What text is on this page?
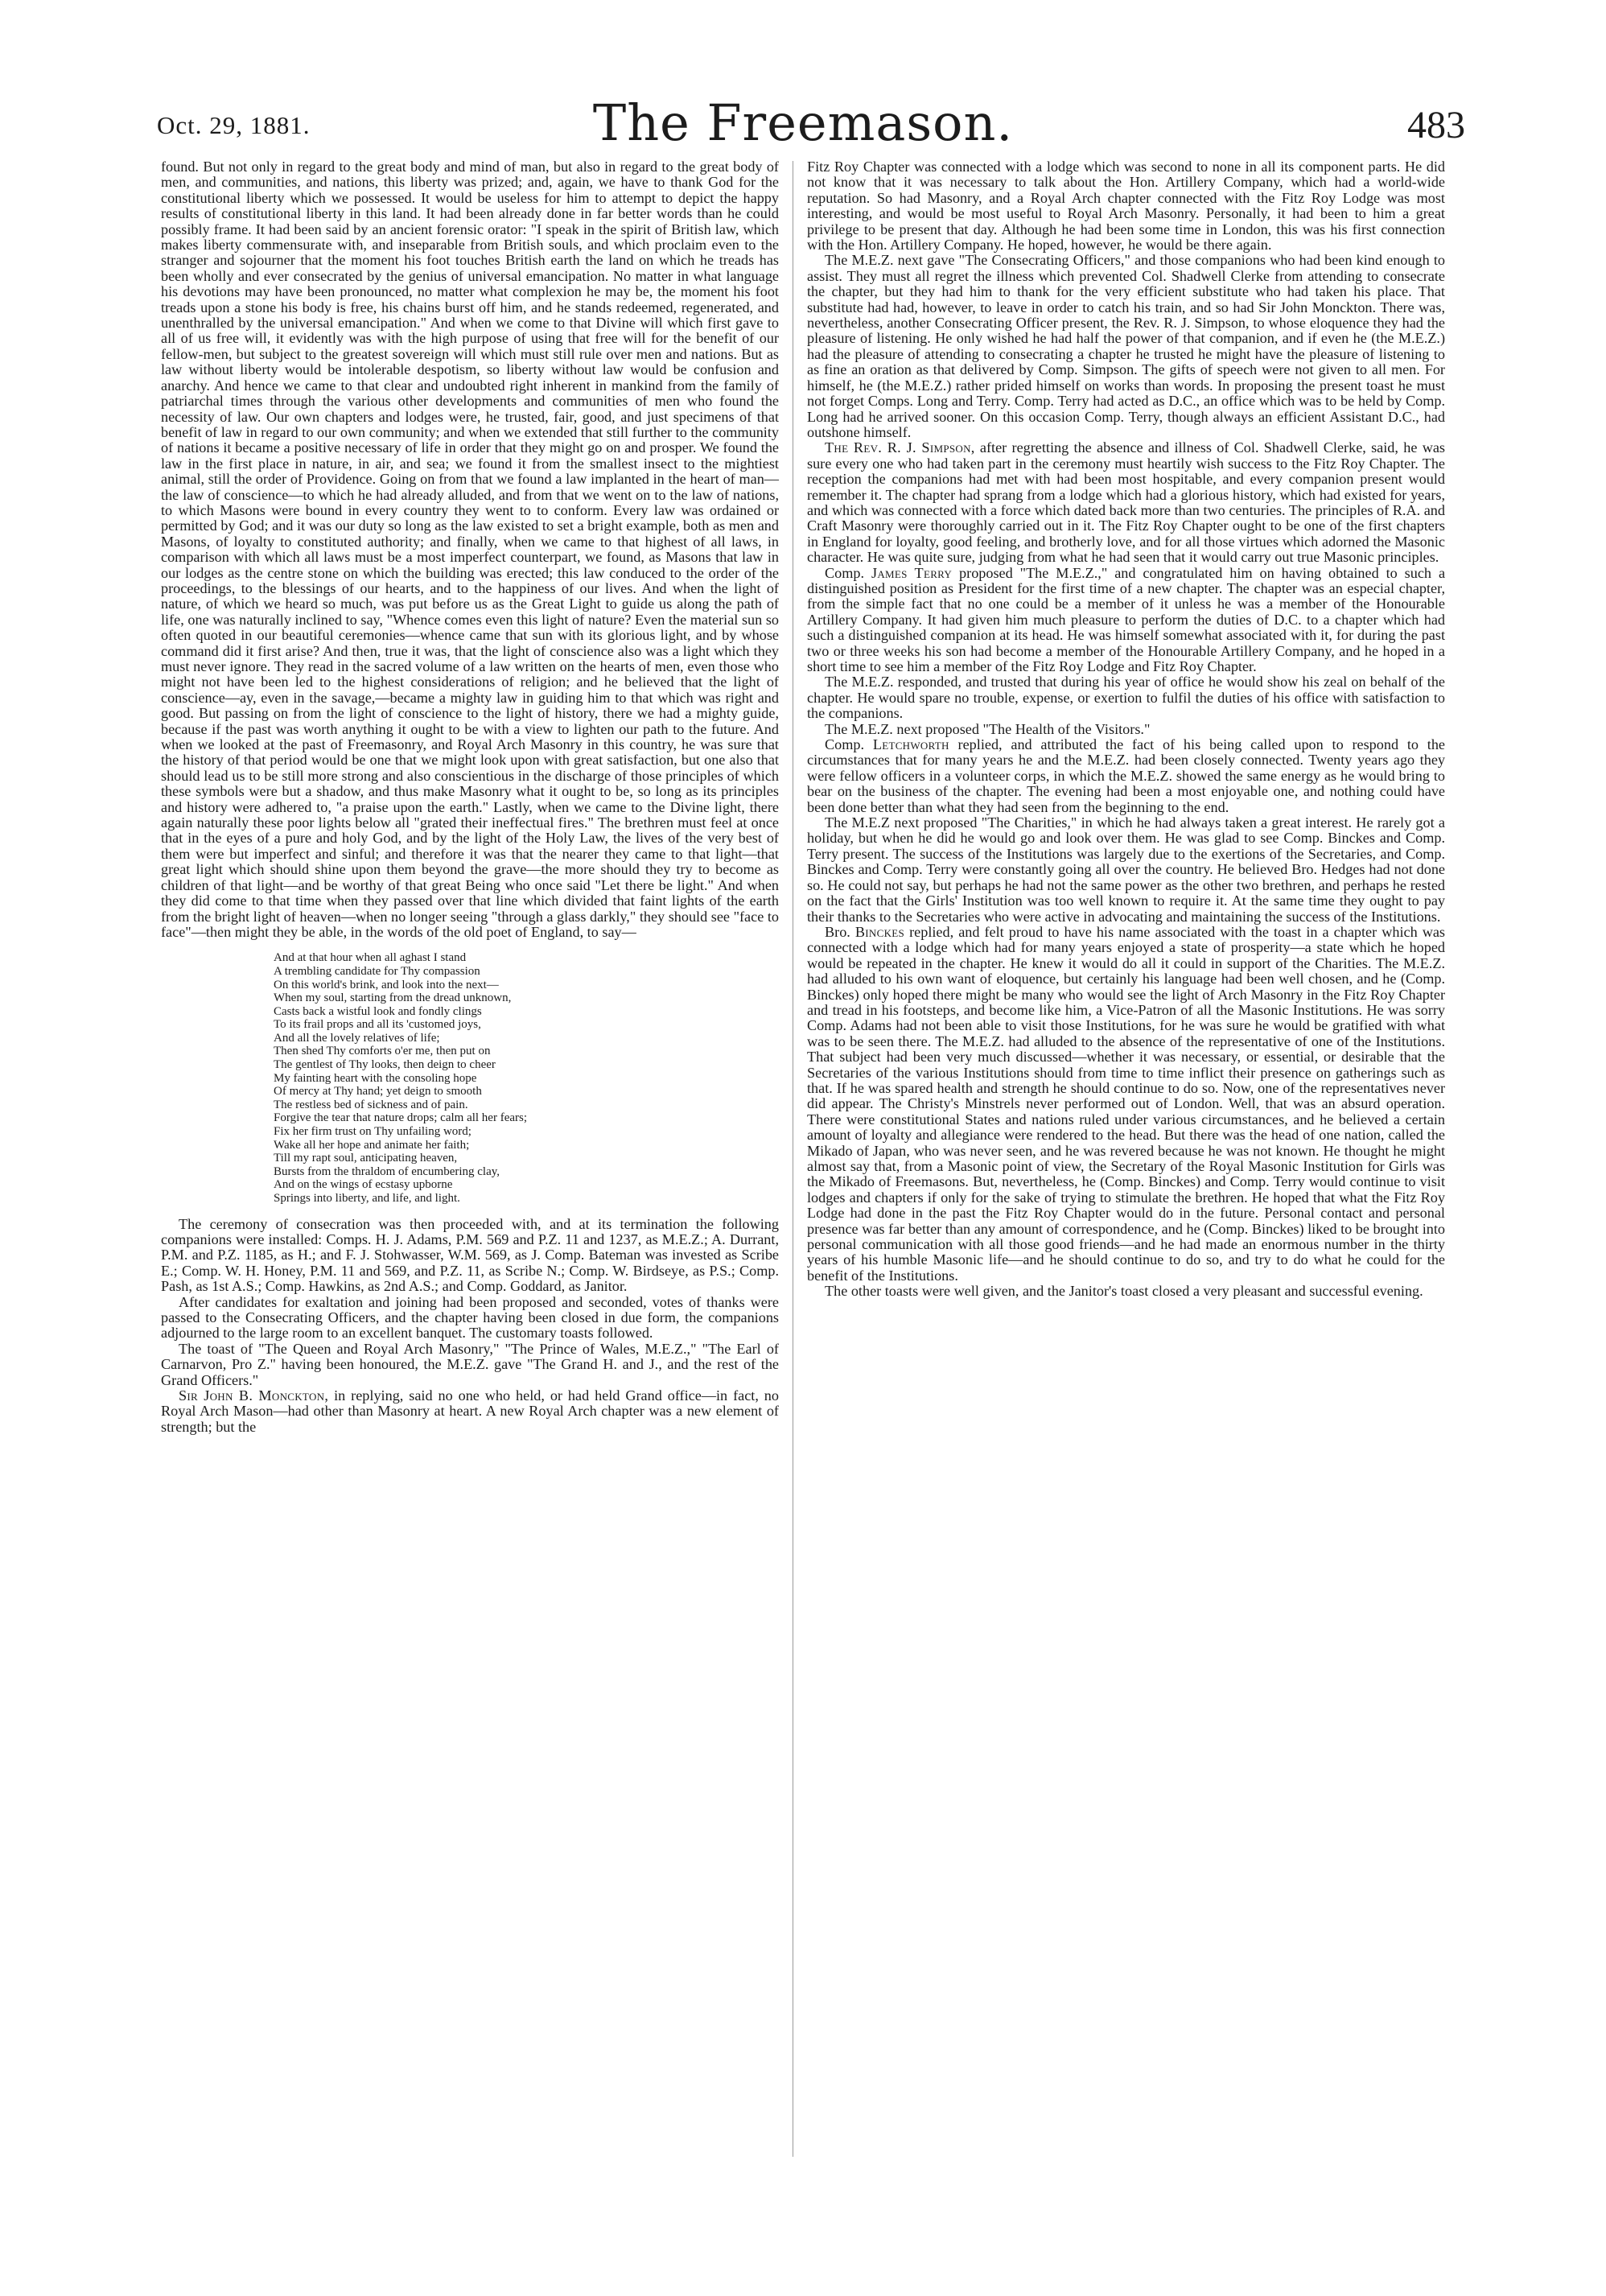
Oct. 29, 1881.	The Freemason.	483

found. But not only in regard to the great body and mind of man, but also in regard to the great body of men, and communities, and nations, this liberty was prized; and, again, we have to thank God for the constitutional liberty which we possessed. It would be useless for him to attempt to depict the happy results of constitutional liberty in this land. It had been already done in far better words than he could possibly frame. It had been said by an ancient forensic orator: "I speak in the spirit of British law, which makes liberty commensurate with, and inseparable from British souls, and which proclaim even to the stranger and sojourner that the moment his foot touches British earth the land on which he treads has been wholly and ever consecrated by the genius of universal emancipation. No matter in what language his devotions may have been pronounced, no matter what complexion he may be, the moment his foot treads upon a stone his body is free, his chains burst off him, and he stands redeemed, regenerated, and unenthralled by the universal emancipation." And when we come to that Divine will which first gave to all of us free will, it evidently was with the high purpose of using that free will for the benefit of our fellow-men, but subject to the greatest sovereign will which must still rule over men and nations. But as law without liberty would be intolerable despotism, so liberty without law would be confusion and anarchy. And hence we came to that clear and undoubted right inherent in mankind from the family of patriarchal times through the various other developments and communities of men who found the necessity of law. Our own chapters and lodges were, he trusted, fair, good, and just specimens of that benefit of law in regard to our own community; and when we extended that still further to the community of nations it became a positive necessary of life in order that they might go on and prosper. We found the law in the first place in nature, in air, and sea; we found it from the smallest insect to the mightiest animal, still the order of Providence. Going on from that we found a law implanted in the heart of man—the law of conscience—to which he had already alluded, and from that we went on to the law of nations, to which Masons were bound in every country they went to to conform. Every law was ordained or permitted by God; and it was our duty so long as the law existed to set a bright example, both as men and Masons, of loyalty to constituted authority; and finally, when we came to that highest of all laws, in comparison with which all laws must be a most imperfect counterpart, we found, as Masons that law in our lodges as the centre stone on which the building was erected; this law conduced to the order of the proceedings, to the blessings of our hearts, and to the happiness of our lives. And when the light of nature, of which we heard so much, was put before us as the Great Light to guide us along the path of life, one was naturally inclined to say, "Whence comes even this light of nature? Even the material sun so often quoted in our beautiful ceremonies—whence came that sun with its glorious light, and by whose command did it first arise? And then, true it was, that the light of conscience also was a light which they must never ignore. They read in the sacred volume of a law written on the hearts of men, even those who might not have been led to the highest considerations of religion; and he believed that the light of conscience—ay, even in the savage,—became a mighty law in guiding him to that which was right and good. But passing on from the light of conscience to the light of history, there we had a mighty guide, because if the past was worth anything it ought to be with a view to lighten our path to the future. And when we looked at the past of Freemasonry, and Royal Arch Masonry in this country, he was sure that the history of that period would be one that we might look upon with great satisfaction, but one also that should lead us to be still more strong and also conscientious in the discharge of those principles of which these symbols were but a shadow, and thus make Masonry what it ought to be, so long as its principles and history were adhered to, "a praise upon the earth." Lastly, when we came to the Divine light, there again naturally these poor lights below all "grated their ineffectual fires." The brethren must feel at once that in the eyes of a pure and holy God, and by the light of the Holy Law, the lives of the very best of them were but imperfect and sinful; and therefore it was that the nearer they came to that light—that great light which should shine upon them beyond the grave—the more should they try to become as children of that light—and be worthy of that great Being who once said "Let there be light." And when they did come to that time when they passed over that line which divided that faint lights of the earth from the bright light of heaven—when no longer seeing "through a glass darkly," they should see "face to face"—then might they be able, in the words of the old poet of England, to say—

And at that hour when all aghast I stand
A trembling candidate for Thy compassion
On this world's brink, and look into the next—
When my soul, starting from the dread unknown,
Casts back a wistful look and fondly clings
To its frail props and all its 'customed joys,
And all the lovely relatives of life;
Then shed Thy comforts o'er me, then put on
The gentlest of Thy looks, then deign to cheer
My fainting heart with the consoling hope
Of mercy at Thy hand; yet deign to smooth
The restless bed of sickness and of pain.
Forgive the tear that nature drops; calm all her fears;
Fix her firm trust on Thy unfailing word;
Wake all her hope and animate her faith;
Till my rapt soul, anticipating heaven,
Bursts from the thraldom of encumbering clay,
And on the wings of ecstasy upborne
Springs into liberty, and life, and light.

The ceremony of consecration was then proceeded with, and at its termination the following companions were installed: Comps. H. J. Adams, P.M. 569 and P.Z. 11 and 1237, as M.E.Z.; A. Durrant, P.M. and P.Z. 1185, as H.; and F. J. Stohwasser, W.M. 569, as J. Comp. Bateman was invested as Scribe E.; Comp. W. H. Honey, P.M. 11 and 569, and P.Z. 11, as Scribe N.; Comp. W. Birdseye, as P.S.; Comp. Pash, as 1st A.S.; Comp. Hawkins, as 2nd A.S.; and Comp. Goddard, as Janitor.

After candidates for exaltation and joining had been proposed and seconded, votes of thanks were passed to the Consecrating Officers, and the chapter having been closed in due form, the companions adjourned to the large room to an excellent banquet. The customary toasts followed.

The toast of "The Queen and Royal Arch Masonry," "The Prince of Wales, M.E.Z.," "The Earl of Carnarvon, Pro Z." having been honoured, the M.E.Z. gave "The Grand H. and J., and the rest of the Grand Officers."

Sir John B. Monckton, in replying, said no one who held, or had held Grand office—in fact, no Royal Arch Mason—had other than Masonry at heart. A new Royal Arch chapter was a new element of strength; but the

Fitz Roy Chapter was connected with a lodge which was second to none in all its component parts. He did not know that it was necessary to talk about the Hon. Artillery Company, which had a world-wide reputation. So had Masonry, and a Royal Arch chapter connected with the Fitz Roy Lodge was most interesting, and would be most useful to Royal Arch Masonry. Personally, it had been to him a great privilege to be present that day. Although he had been some time in London, this was his first connection with the Hon. Artillery Company. He hoped, however, he would be there again.

The M.E.Z. next gave "The Consecrating Officers," and those companions who had been kind enough to assist. They must all regret the illness which prevented Col. Shadwell Clerke from attending to consecrate the chapter, but they had him to thank for the very efficient substitute who had taken his place. That substitute had had, however, to leave in order to catch his train, and so had Sir John Monckton. There was, nevertheless, another Consecrating Officer present, the Rev. R. J. Simpson, to whose eloquence they had the pleasure of listening. He only wished he had half the power of that companion, and if even he (the M.E.Z.) had the pleasure of attending to consecrating a chapter he trusted he might have the pleasure of listening to as fine an oration as that delivered by Comp. Simpson. The gifts of speech were not given to all men. For himself, he (the M.E.Z.) rather prided himself on works than words. In proposing the present toast he must not forget Comps. Long and Terry. Comp. Terry had acted as D.C., an office which was to be held by Comp. Long had he arrived sooner. On this occasion Comp. Terry, though always an efficient Assistant D.C., had outshone himself.

The Rev. R. J. Simpson, after regretting the absence and illness of Col. Shadwell Clerke, said, he was sure every one who had taken part in the ceremony must heartily wish success to the Fitz Roy Chapter. The reception the companions had met with had been most hospitable, and every companion present would remember it. The chapter had sprang from a lodge which had a glorious history, which had existed for years, and which was connected with a force which dated back more than two centuries. The principles of R.A. and Craft Masonry were thoroughly carried out in it. The Fitz Roy Chapter ought to be one of the first chapters in England for loyalty, good feeling, and brotherly love, and for all those virtues which adorned the Masonic character. He was quite sure, judging from what he had seen that it would carry out true Masonic principles.

Comp. James Terry proposed "The M.E.Z.," and congratulated him on having obtained to such a distinguished position as President for the first time of a new chapter. The chapter was an especial chapter, from the simple fact that no one could be a member of it unless he was a member of the Honourable Artillery Company. It had given him much pleasure to perform the duties of D.C. to a chapter which had such a distinguished companion at its head. He was himself somewhat associated with it, for during the past two or three weeks his son had become a member of the Honourable Artillery Company, and he hoped in a short time to see him a member of the Fitz Roy Lodge and Fitz Roy Chapter.

The M.E.Z. responded, and trusted that during his year of office he would show his zeal on behalf of the chapter. He would spare no trouble, expense, or exertion to fulfil the duties of his office with satisfaction to the companions.

The M.E.Z. next proposed "The Health of the Visitors."

Comp. Letchworth replied, and attributed the fact of his being called upon to respond to the circumstances that for many years he and the M.E.Z. had been closely connected. Twenty years ago they were fellow officers in a volunteer corps, in which the M.E.Z. showed the same energy as he would bring to bear on the business of the chapter. The evening had been a most enjoyable one, and nothing could have been done better than what they had seen from the beginning to the end.

The M.E.Z next proposed "The Charities," in which he had always taken a great interest. He rarely got a holiday, but when he did he would go and look over them. He was glad to see Comp. Binckes and Comp. Terry present. The success of the Institutions was largely due to the exertions of the Secretaries, and Comp. Binckes and Comp. Terry were constantly going all over the country. He believed Bro. Hedges had not done so. He could not say, but perhaps he had not the same power as the other two brethren, and perhaps he rested on the fact that the Girls' Institution was too well known to require it. At the same time they ought to pay their thanks to the Secretaries who were active in advocating and maintaining the success of the Institutions.

Bro. Binckes replied, and felt proud to have his name associated with the toast in a chapter which was connected with a lodge which had for many years enjoyed a state of prosperity—a state which he hoped would be repeated in the chapter. He knew it would do all it could in support of the Charities. The M.E.Z. had alluded to his own want of eloquence, but certainly his language had been well chosen, and he (Comp. Binckes) only hoped there might be many who would see the light of Arch Masonry in the Fitz Roy Chapter and tread in his footsteps, and become like him, a Vice-Patron of all the Masonic Institutions. He was sorry Comp. Adams had not been able to visit those Institutions, for he was sure he would be gratified with what was to be seen there. The M.E.Z. had alluded to the absence of the representative of one of the Institutions. That subject had been very much discussed—whether it was necessary, or essential, or desirable that the Secretaries of the various Institutions should from time to time inflict their presence on gatherings such as that. If he was spared health and strength he should continue to do so. Now, one of the representatives never did appear. The Christy's Minstrels never performed out of London. Well, that was an absurd operation. There were constitutional States and nations ruled under various circumstances, and he believed a certain amount of loyalty and allegiance were rendered to the head. But there was the head of one nation, called the Mikado of Japan, who was never seen, and he was revered because he was not known. He thought he might almost say that, from a Masonic point of view, the Secretary of the Royal Masonic Institution for Girls was the Mikado of Freemasons. But, nevertheless, he (Comp. Binckes) and Comp. Terry would continue to visit lodges and chapters if only for the sake of trying to stimulate the brethren. He hoped that what the Fitz Roy Lodge had done in the past the Fitz Roy Chapter would do in the future. Personal contact and personal presence was far better than any amount of correspondence, and he (Comp. Binckes) liked to be brought into personal communication with all those good friends—and he had made an enormous number in the thirty years of his humble Masonic life—and he should continue to do so, and try to do what he could for the benefit of the Institutions.

The other toasts were well given, and the Janitor's toast closed a very pleasant and successful evening.
